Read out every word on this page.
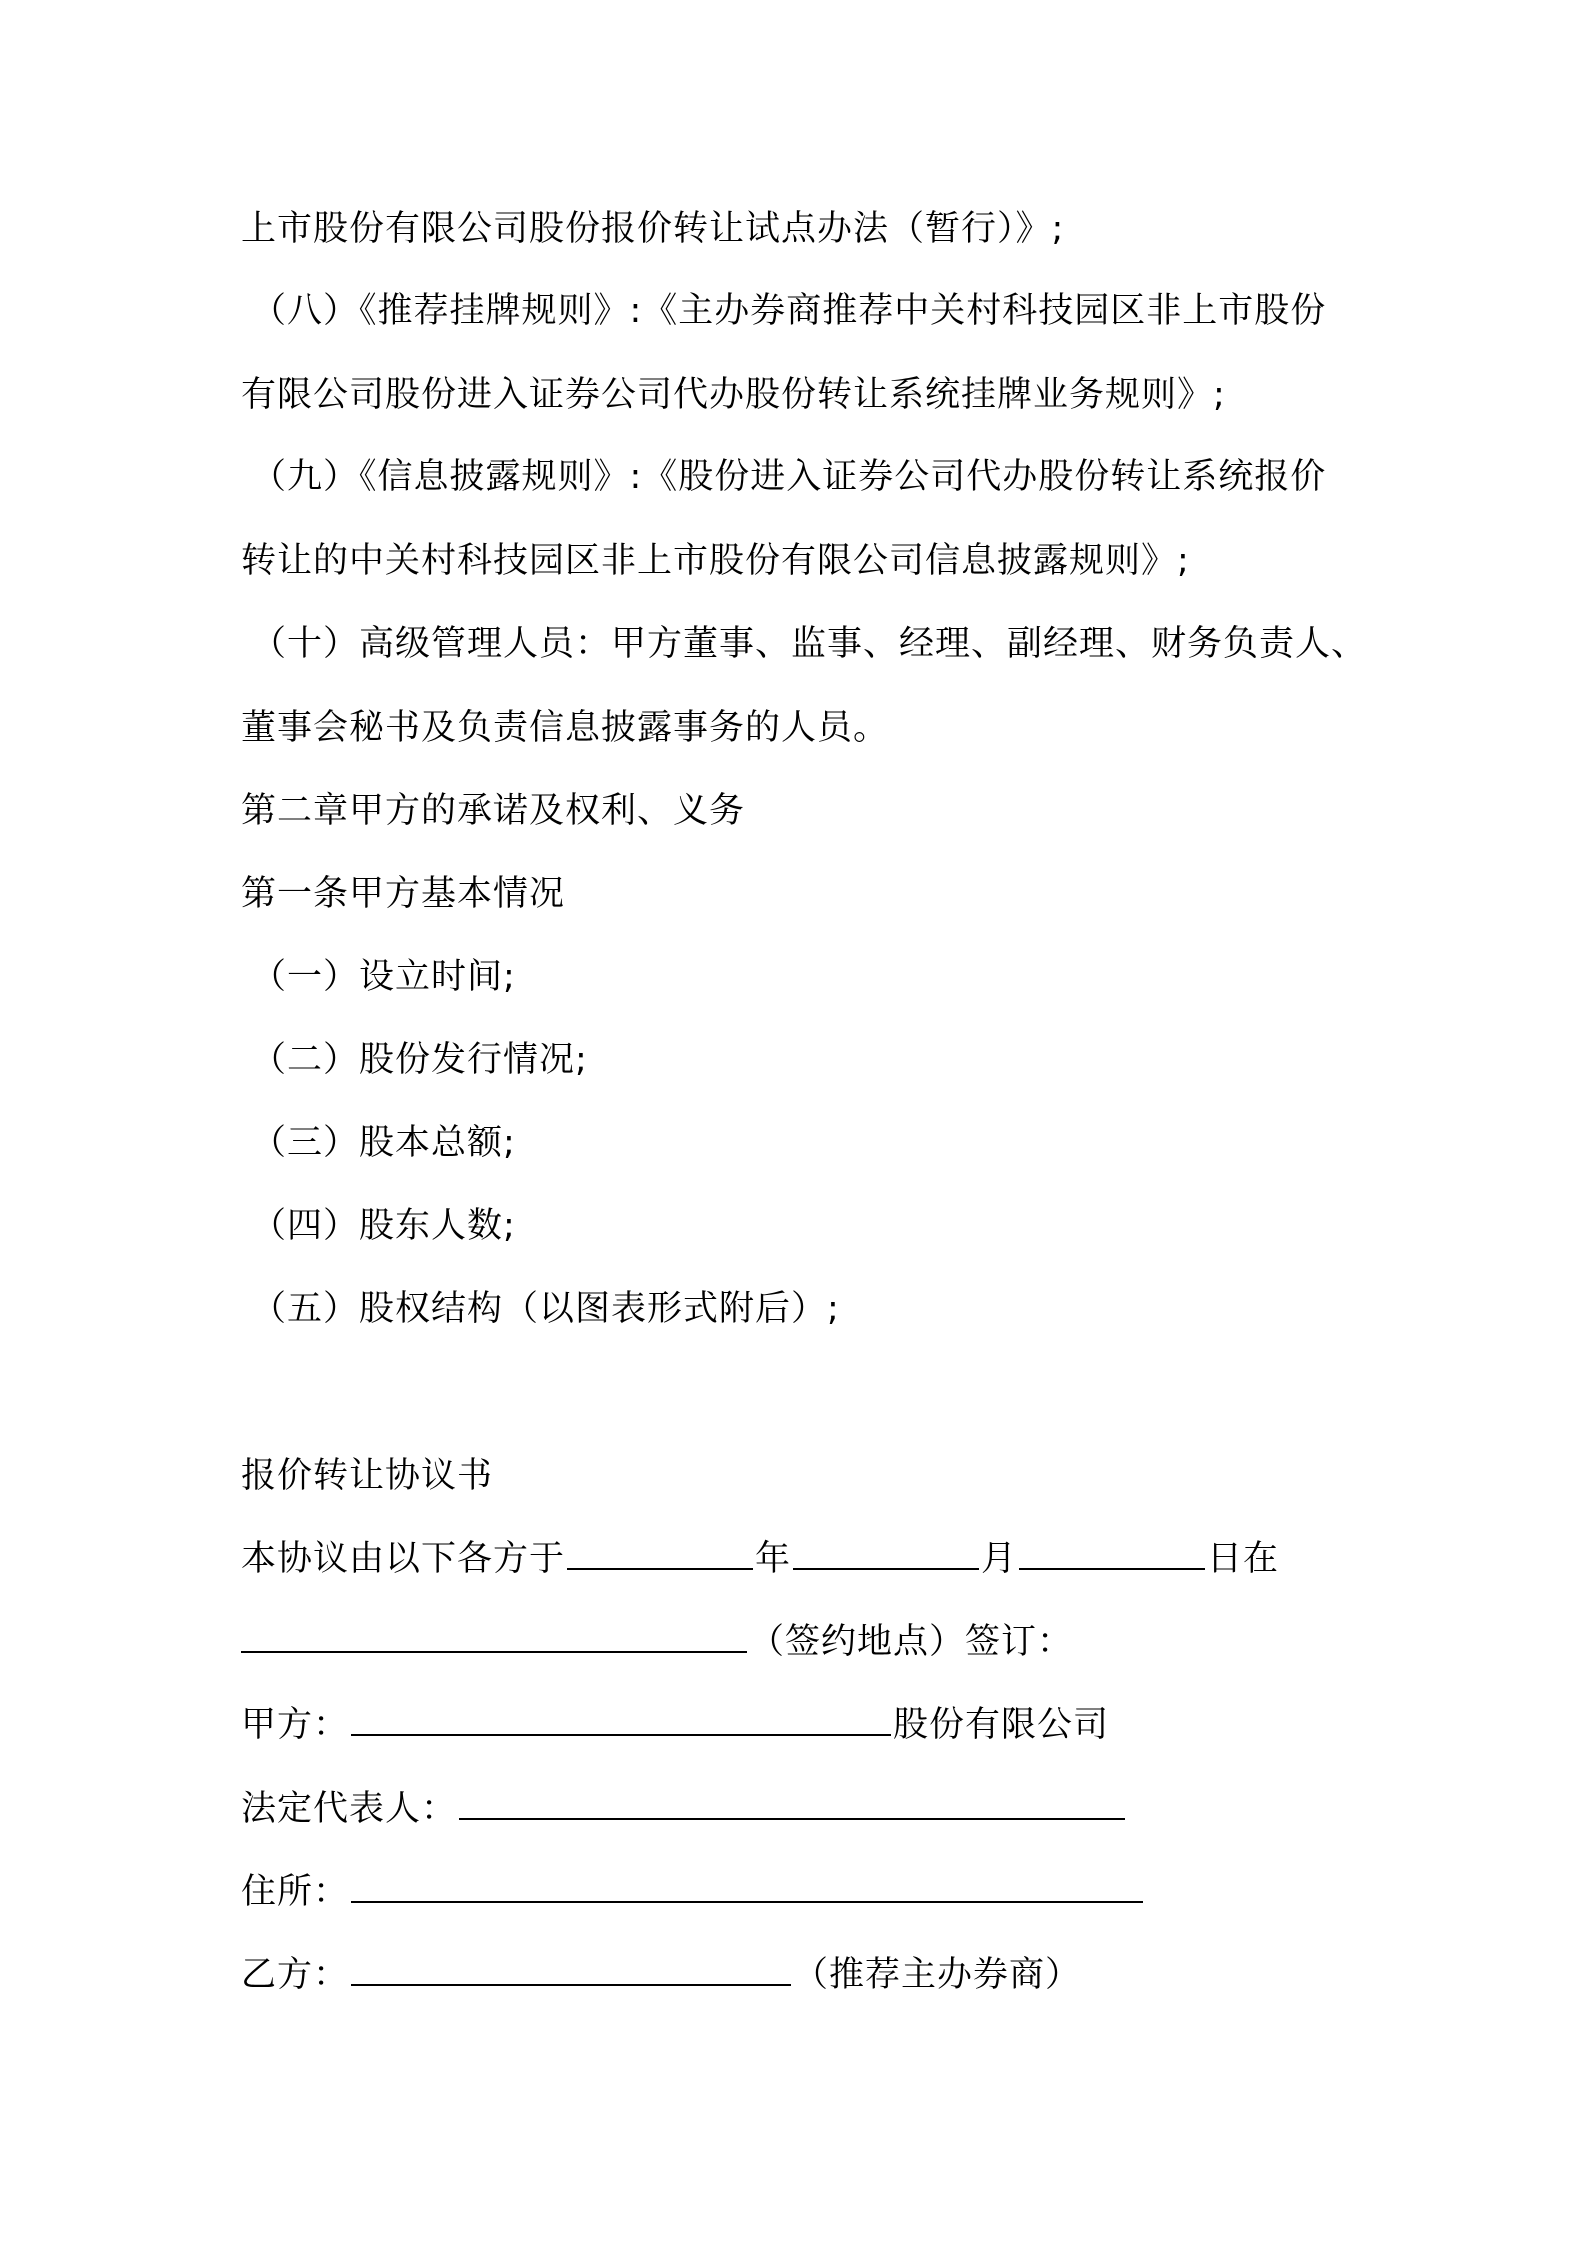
上市股份有限公司股份报价转让试点办法（暂行）》;
（八）《推荐挂牌规则》:《主办券商推荐中关村科技园区非上市股份
有限公司股份进入证券公司代办股份转让系统挂牌业务规则》;
（九）《信息披露规则》:《股份进入证券公司代办股份转让系统报价
转让的中关村科技园区非上市股份有限公司信息披露规则》;
（十）高级管理人员：甲方董事、监事、经理、副经理、财务负责人、
董事会秘书及负责信息披露事务的人员。
第二章甲方的承诺及权利、义务
第一条甲方基本情况
（一）设立时间;
（二）股份发行情况;
（三）股本总额;
（四）股东人数;
（五）股权结构（以图表形式附后）;
报价转让协议书
本协议由以下各方于	年	月	日在
（签约地点）签订：
甲方：	股份有限公司
法定代表人：
住所：
乙方：	（推荐主办券商）
